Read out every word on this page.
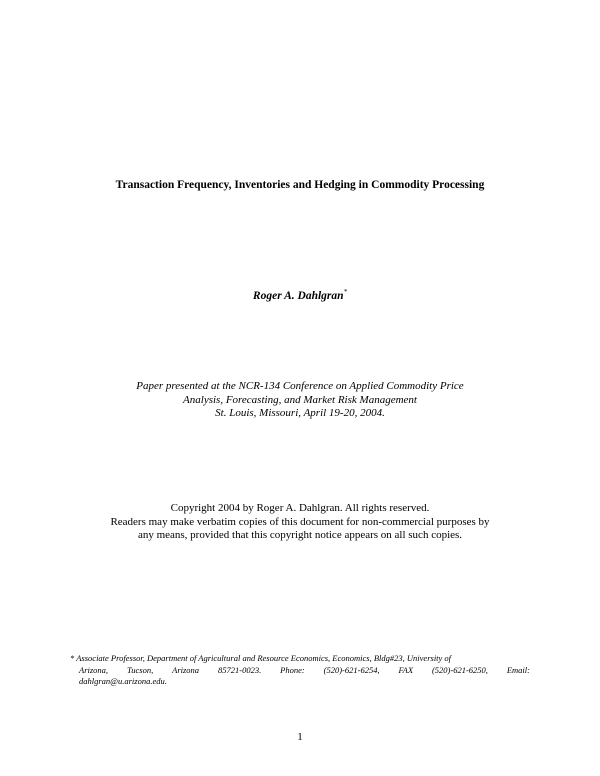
Transaction Frequency, Inventories and Hedging in Commodity Processing
Roger A. Dahlgran*
Paper presented at the NCR-134 Conference on Applied Commodity Price
Analysis, Forecasting, and Market Risk Management
St. Louis, Missouri, April 19-20, 2004.
Copyright 2004 by Roger A. Dahlgran. All rights reserved.
Readers may make verbatim copies of this document for non-commercial purposes by
any means, provided that this copyright notice appears on all such copies.
* Associate Professor, Department of Agricultural and Resource Economics, Economics, Bldg#23, University of
Arizona, Tucson, Arizona 85721-0023. Phone: (520)-621-6254, FAX (520)-621-6250, Email:
dahlgran@u.arizona.edu.
1
